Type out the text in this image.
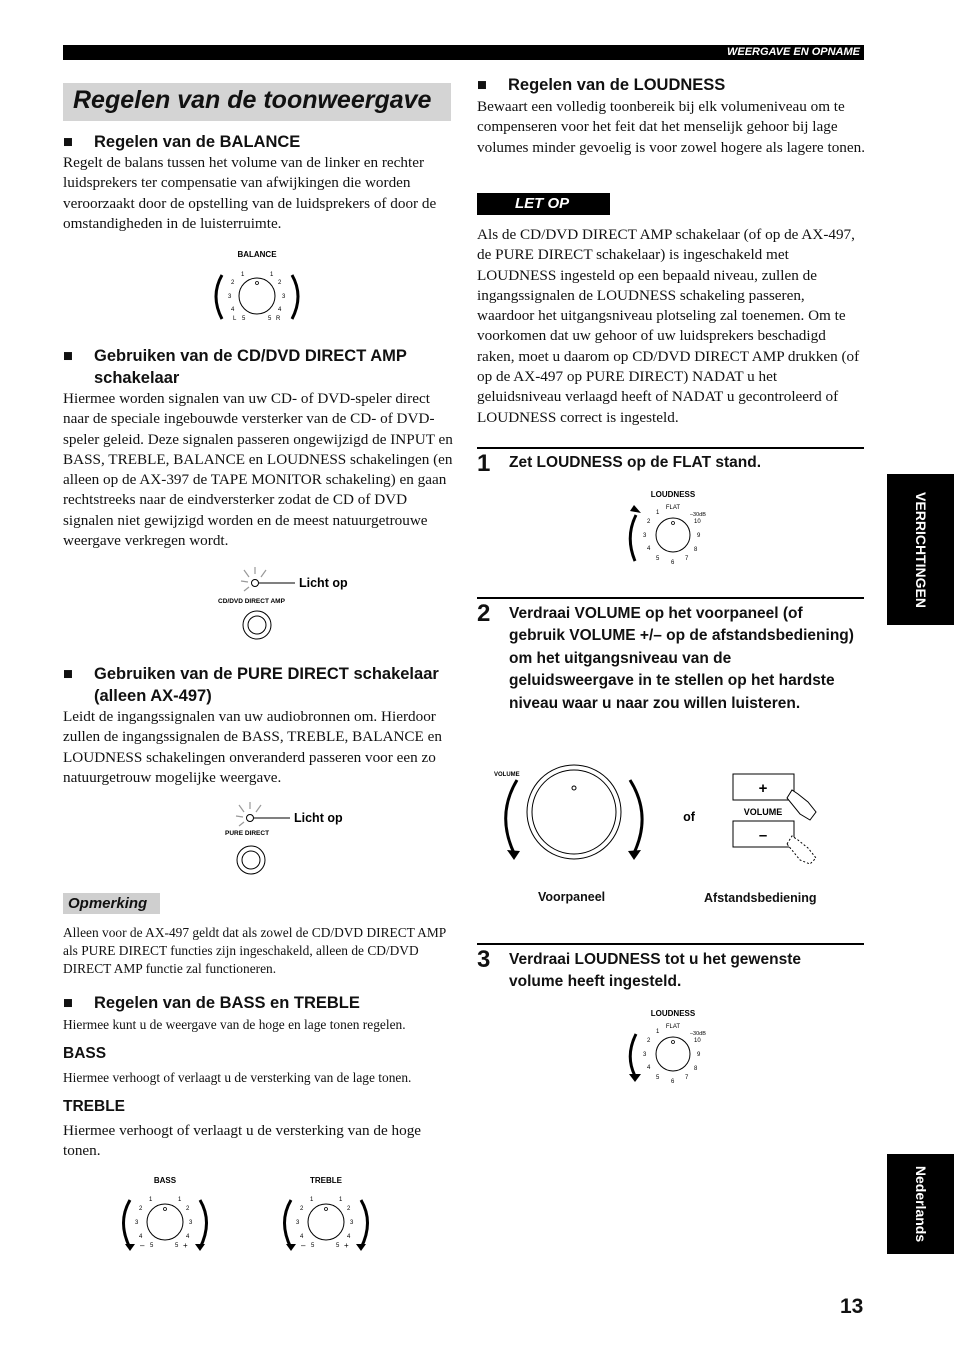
WEERGAVE EN OPNAME
Regelen van de toonweergave
■ Regelen van de BALANCE
Regelt de balans tussen het volume van de linker en rechter luidsprekers ter compensatie van afwijkingen die worden veroorzaakt door de opstelling van de luidsprekers of door de omstandigheden in de luisterruimte.
BALANCE
1	1
2	2
3	3
4	4
5	5
L	R
■ Gebruiken van de CD/DVD DIRECT AMP schakelaar
Hiermee worden signalen van uw CD- of DVD-speler direct naar de speciale ingebouwde versterker van de CD- of DVD-speler geleid. Deze signalen passeren ongewijzigd de INPUT en BASS, TREBLE, BALANCE en LOUDNESS schakelingen (en alleen op de AX-397 de TAPE MONITOR schakeling) en gaan rechtstreeks naar de eindversterker zodat de CD of DVD signalen niet gewijzigd worden en de meest natuurgetrouwe weergave verkregen wordt.
Licht op
CD/DVD DIRECT AMP
■ Gebruiken van de PURE DIRECT schakelaar (alleen AX-497)
Leidt de ingangssignalen van uw audiobronnen om. Hierdoor zullen de ingangssignalen de BASS, TREBLE, BALANCE en LOUDNESS schakelingen onveranderd passeren voor een zo natuurgetrouw mogelijke weergave.
Licht op
PURE DIRECT
Opmerking
Alleen voor de AX-497 geldt dat als zowel de CD/DVD DIRECT AMP als PURE DIRECT functies zijn ingeschakeld, alleen de CD/DVD DIRECT AMP functie zal functioneren.
■ Regelen van de BASS en TREBLE
Hiermee kunt u de weergave van de hoge en lage tonen regelen.
BASS
Hiermee verhoogt of verlaagt u de versterking van de lage tonen.
TREBLE
Hiermee verhoogt of verlaagt u de versterking van de hoge tonen.
BASS
1	1
2	2
3	3
4	4
5	5
–	+
TREBLE
1	1
2	2
3	3
4	4
5	5
–	+
■ Regelen van de LOUDNESS
Bewaart een volledig toonbereik bij elk volumeniveau om te compenseren voor het feit dat het menselijk gehoor bij lage volumes minder gevoelig is voor zowel hogere als lagere tonen.
LET OP
Als de CD/DVD DIRECT AMP schakelaar (of op de AX-497, de PURE DIRECT schakelaar) is ingeschakeld met LOUDNESS ingesteld op een bepaald niveau, zullen de ingangssignalen de LOUDNESS schakeling passeren, waardoor het uitgangsniveau plotseling zal toenemen. Om te voorkomen dat uw gehoor of uw luidsprekers beschadigd raken, moet u daarom op CD/DVD DIRECT AMP drukken (of op de AX-497 op PURE DIRECT) NADAT u het geluidsniveau verlaagd heeft of NADAT u gecontroleerd of LOUDNESS correct is ingesteld.
1 Zet LOUDNESS op de FLAT stand.
LOUDNESS
FLAT
–30dB
1
2
3
4
5
6
7
8
9
10
2 Verdraai VOLUME op het voorpaneel (of gebruik VOLUME +/– op de afstandsbediening) om het uitgangsniveau van de geluidsweergave in te stellen op het hardste niveau waar u naar zou willen luisteren.
VOLUME
of
+
VOLUME
–
Voorpaneel	Afstandsbediening
3 Verdraai LOUDNESS tot u het gewenste volume heeft ingesteld.
LOUDNESS
FLAT
–30dB
1
2
3
4
5
6
7
8
9
10
VERRICHTINGEN
Nederlands
13
